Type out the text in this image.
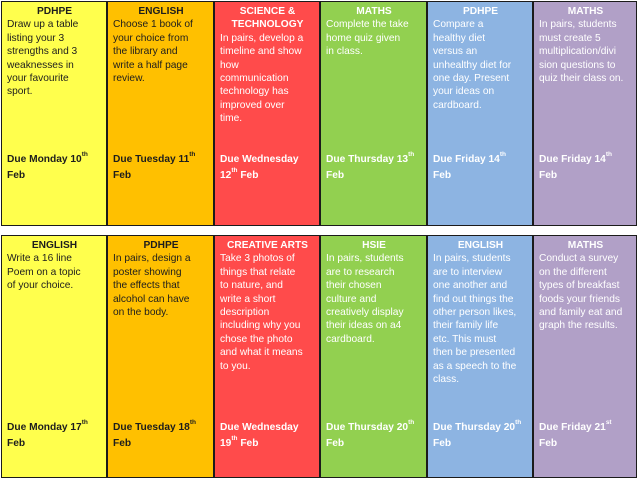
PDHPE
Draw up a table
listing your 3
strengths and 3
weaknesses in
your favourite
sport.
Due Monday 10th
Feb
ENGLISH
Choose 1 book of
your choice from
the library and
write a half page
review.
Due Tuesday 11th
Feb
SCIENCE &
TECHNOLOGY
In pairs, develop a
timeline and show
how
communication
technology has
improved over
time.
Due Wednesday
12th Feb
MATHS
Complete the take
home quiz given
in class.
Due Thursday 13th
Feb
PDHPE
Compare a
healthy diet
versus an
unhealthy diet for
one day. Present
your ideas on
cardboard.
Due Friday 14th
Feb
MATHS
In pairs, students
must create 5
multiplication/divi
sion questions to
quiz their class on.
Due Friday 14th
Feb
ENGLISH
Write a 16 line
Poem on a topic
of your choice.
Due Monday 17th
Feb
PDHPE
In pairs, design a
poster showing
the effects that
alcohol can have
on the body.
Due Tuesday 18th
Feb
CREATIVE ARTS
Take 3 photos of
things that relate
to nature, and
write a short
description
including why you
chose the photo
and what it means
to you.
Due Wednesday
19th Feb
HSIE
In pairs, students
are to research
their chosen
culture and
creatively display
their ideas on a4
cardboard.
Due Thursday 20th
Feb
ENGLISH
In pairs, students
are to interview
one another and
find out things the
other person likes,
their family life
etc. This must
then be presented
as a speech to the
class.
Due Thursday 20th
Feb
MATHS
Conduct a survey
on the different
types of breakfast
foods your friends
and family eat and
graph the results.
Due Friday 21st
Feb
